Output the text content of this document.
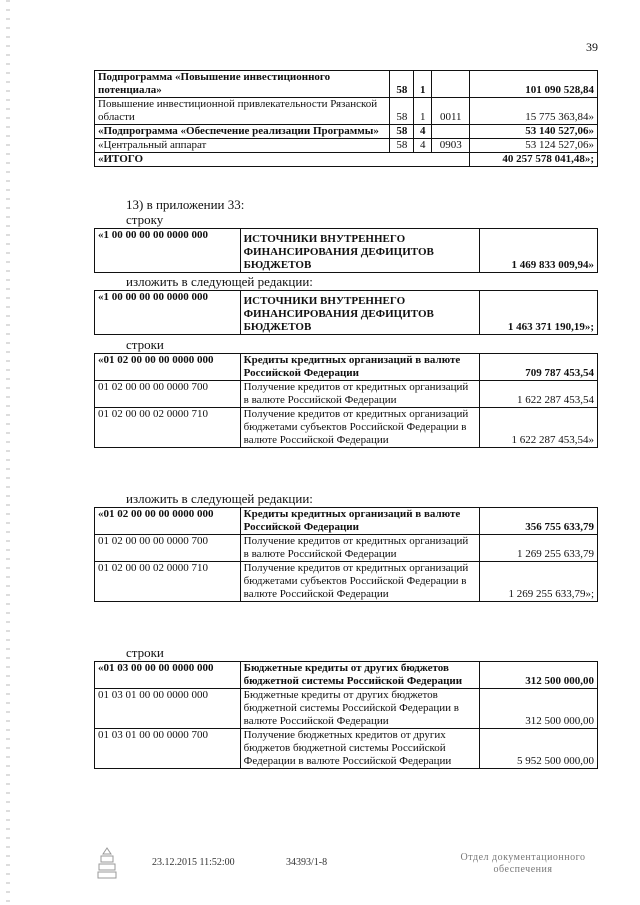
39
Подпрограмма «Повышение инвестиционного потенциала»	58	1		101 090 528,84
Повышение инвестиционной привлекательности Рязанской области	58	1	0011	15 775 363,84»
«Подпрограмма «Обеспечение реализации Программы»	58	4		53 140 527,06»
«Центральный аппарат	58	4	0903	53 124 527,06»
«ИТОГО				40 257 578 041,48»;
13) в приложении 33:
строку
«1 00 00 00 00 0000 000	ИСТОЧНИКИ ВНУТРЕННЕГО ФИНАНСИРОВАНИЯ ДЕФИЦИТОВ БЮДЖЕТОВ	1 469 833 009,94»
изложить в следующей редакции:
«1 00 00 00 00 0000 000	ИСТОЧНИКИ ВНУТРЕННЕГО ФИНАНСИРОВАНИЯ ДЕФИЦИТОВ БЮДЖЕТОВ	1 463 371 190,19»;
строки
«01 02 00 00 00 0000 000	Кредиты кредитных организаций в валюте Российской Федерации	709 787 453,54
01 02 00 00 00 0000 700	Получение кредитов от кредитных организаций в валюте Российской Федерации	1 622 287 453,54
01 02 00 00 02 0000 710	Получение кредитов от кредитных организаций бюджетами субъектов Российской Федерации в валюте Российской Федерации	1 622 287 453,54»
изложить в следующей редакции:
«01 02 00 00 00 0000 000	Кредиты кредитных организаций в валюте Российской Федерации	356 755 633,79
01 02 00 00 00 0000 700	Получение кредитов от кредитных организаций в валюте Российской Федерации	1 269 255 633,79
01 02 00 00 02 0000 710	Получение кредитов от кредитных организаций бюджетами субъектов Российской Федерации в валюте Российской Федерации	1 269 255 633,79»;
строки
«01 03 00 00 00 0000 000	Бюджетные кредиты от других бюджетов бюджетной системы Российской Федерации	312 500 000,00
01 03 01 00 00 0000 000	Бюджетные кредиты от других бюджетов бюджетной системы Российской Федерации в валюте Российской Федерации	312 500 000,00
01 03 01 00 00 0000 700	Получение бюджетных кредитов от других бюджетов бюджетной системы Российской Федерации в валюте Российской Федерации	5 952 500 000,00
23.12.2015 11:52:00	34393/1-8	Отдел документационного обеспечения
